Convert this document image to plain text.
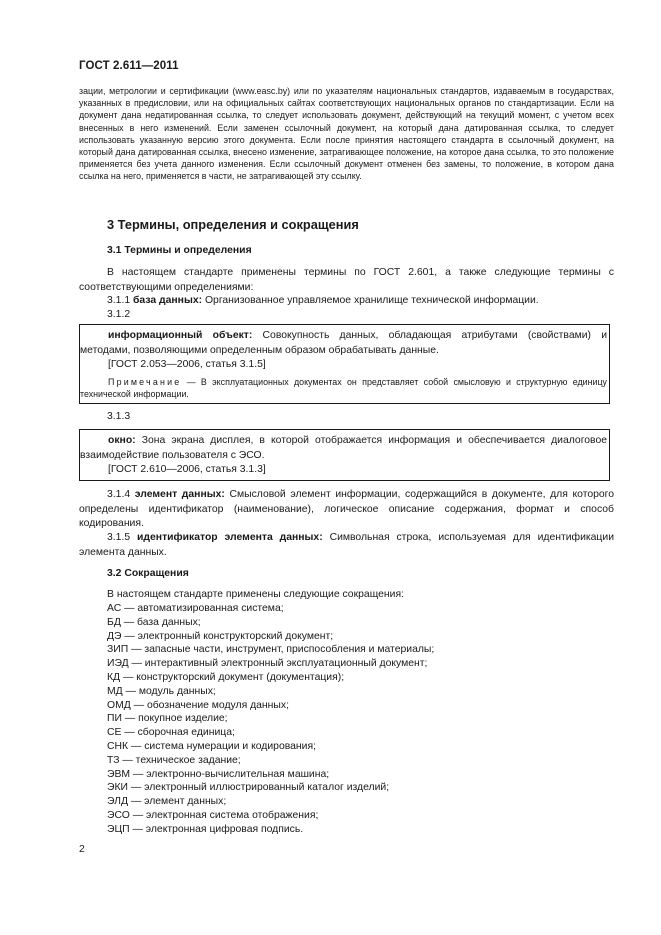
ГОСТ 2.611—2011
зации, метрологии и сертификации (www.easc.by) или по указателям национальных стандартов, издаваемым в государствах, указанных в предисловии, или на официальных сайтах соответствующих национальных органов по стандартизации. Если на документ дана недатированная ссылка, то следует использовать документ, действующий на текущий момент, с учетом всех внесенных в него изменений. Если заменен ссылочный документ, на который дана датированная ссылка, то следует использовать указанную версию этого документа. Если после принятия настоящего стандарта в ссылочный документ, на который дана датированная ссылка, внесено изменение, затрагивающее положение, на которое дана ссылка, то это положение применяется без учета данного изменения. Если ссылочный документ отменен без замены, то положение, в котором дана ссылка на него, применяется в части, не затрагивающей эту ссылку.
3 Термины, определения и сокращения
3.1 Термины и определения
В настоящем стандарте применены термины по ГОСТ 2.601, а также следующие термины с соответствующими определениями:
3.1.1 база данных: Организованное управляемое хранилище технической информации.
3.1.2
информационный объект: Совокупность данных, обладающая атрибутами (свойствами) и методами, позволяющими определенным образом обрабатывать данные.
[ГОСТ 2.053—2006, статья 3.1.5]
Примечание — В эксплуатационных документах он представляет собой смысловую и структурную единицу технической информации.
3.1.3
окно: Зона экрана дисплея, в которой отображается информация и обеспечивается диалоговое взаимодействие пользователя с ЭСО.
[ГОСТ 2.610—2006, статья 3.1.3]
3.1.4 элемент данных: Смысловой элемент информации, содержащийся в документе, для которого определены идентификатор (наименование), логическое описание содержания, формат и способ кодирования.
3.1.5 идентификатор элемента данных: Символьная строка, используемая для идентификации элемента данных.
3.2 Сокращения
В настоящем стандарте применены следующие сокращения:
АС — автоматизированная система;
БД — база данных;
ДЭ — электронный конструкторский документ;
ЗИП — запасные части, инструмент, приспособления и материалы;
ИЭД — интерактивный электронный эксплуатационный документ;
КД — конструкторский документ (документация);
МД — модуль данных;
ОМД — обозначение модуля данных;
ПИ — покупное изделие;
СЕ — сборочная единица;
СНК — система нумерации и кодирования;
ТЗ — техническое задание;
ЭВМ — электронно-вычислительная машина;
ЭКИ — электронный иллюстрированный каталог изделий;
ЭЛД — элемент данных;
ЭСО — электронная система отображения;
ЭЦП — электронная цифровая подпись.
2
